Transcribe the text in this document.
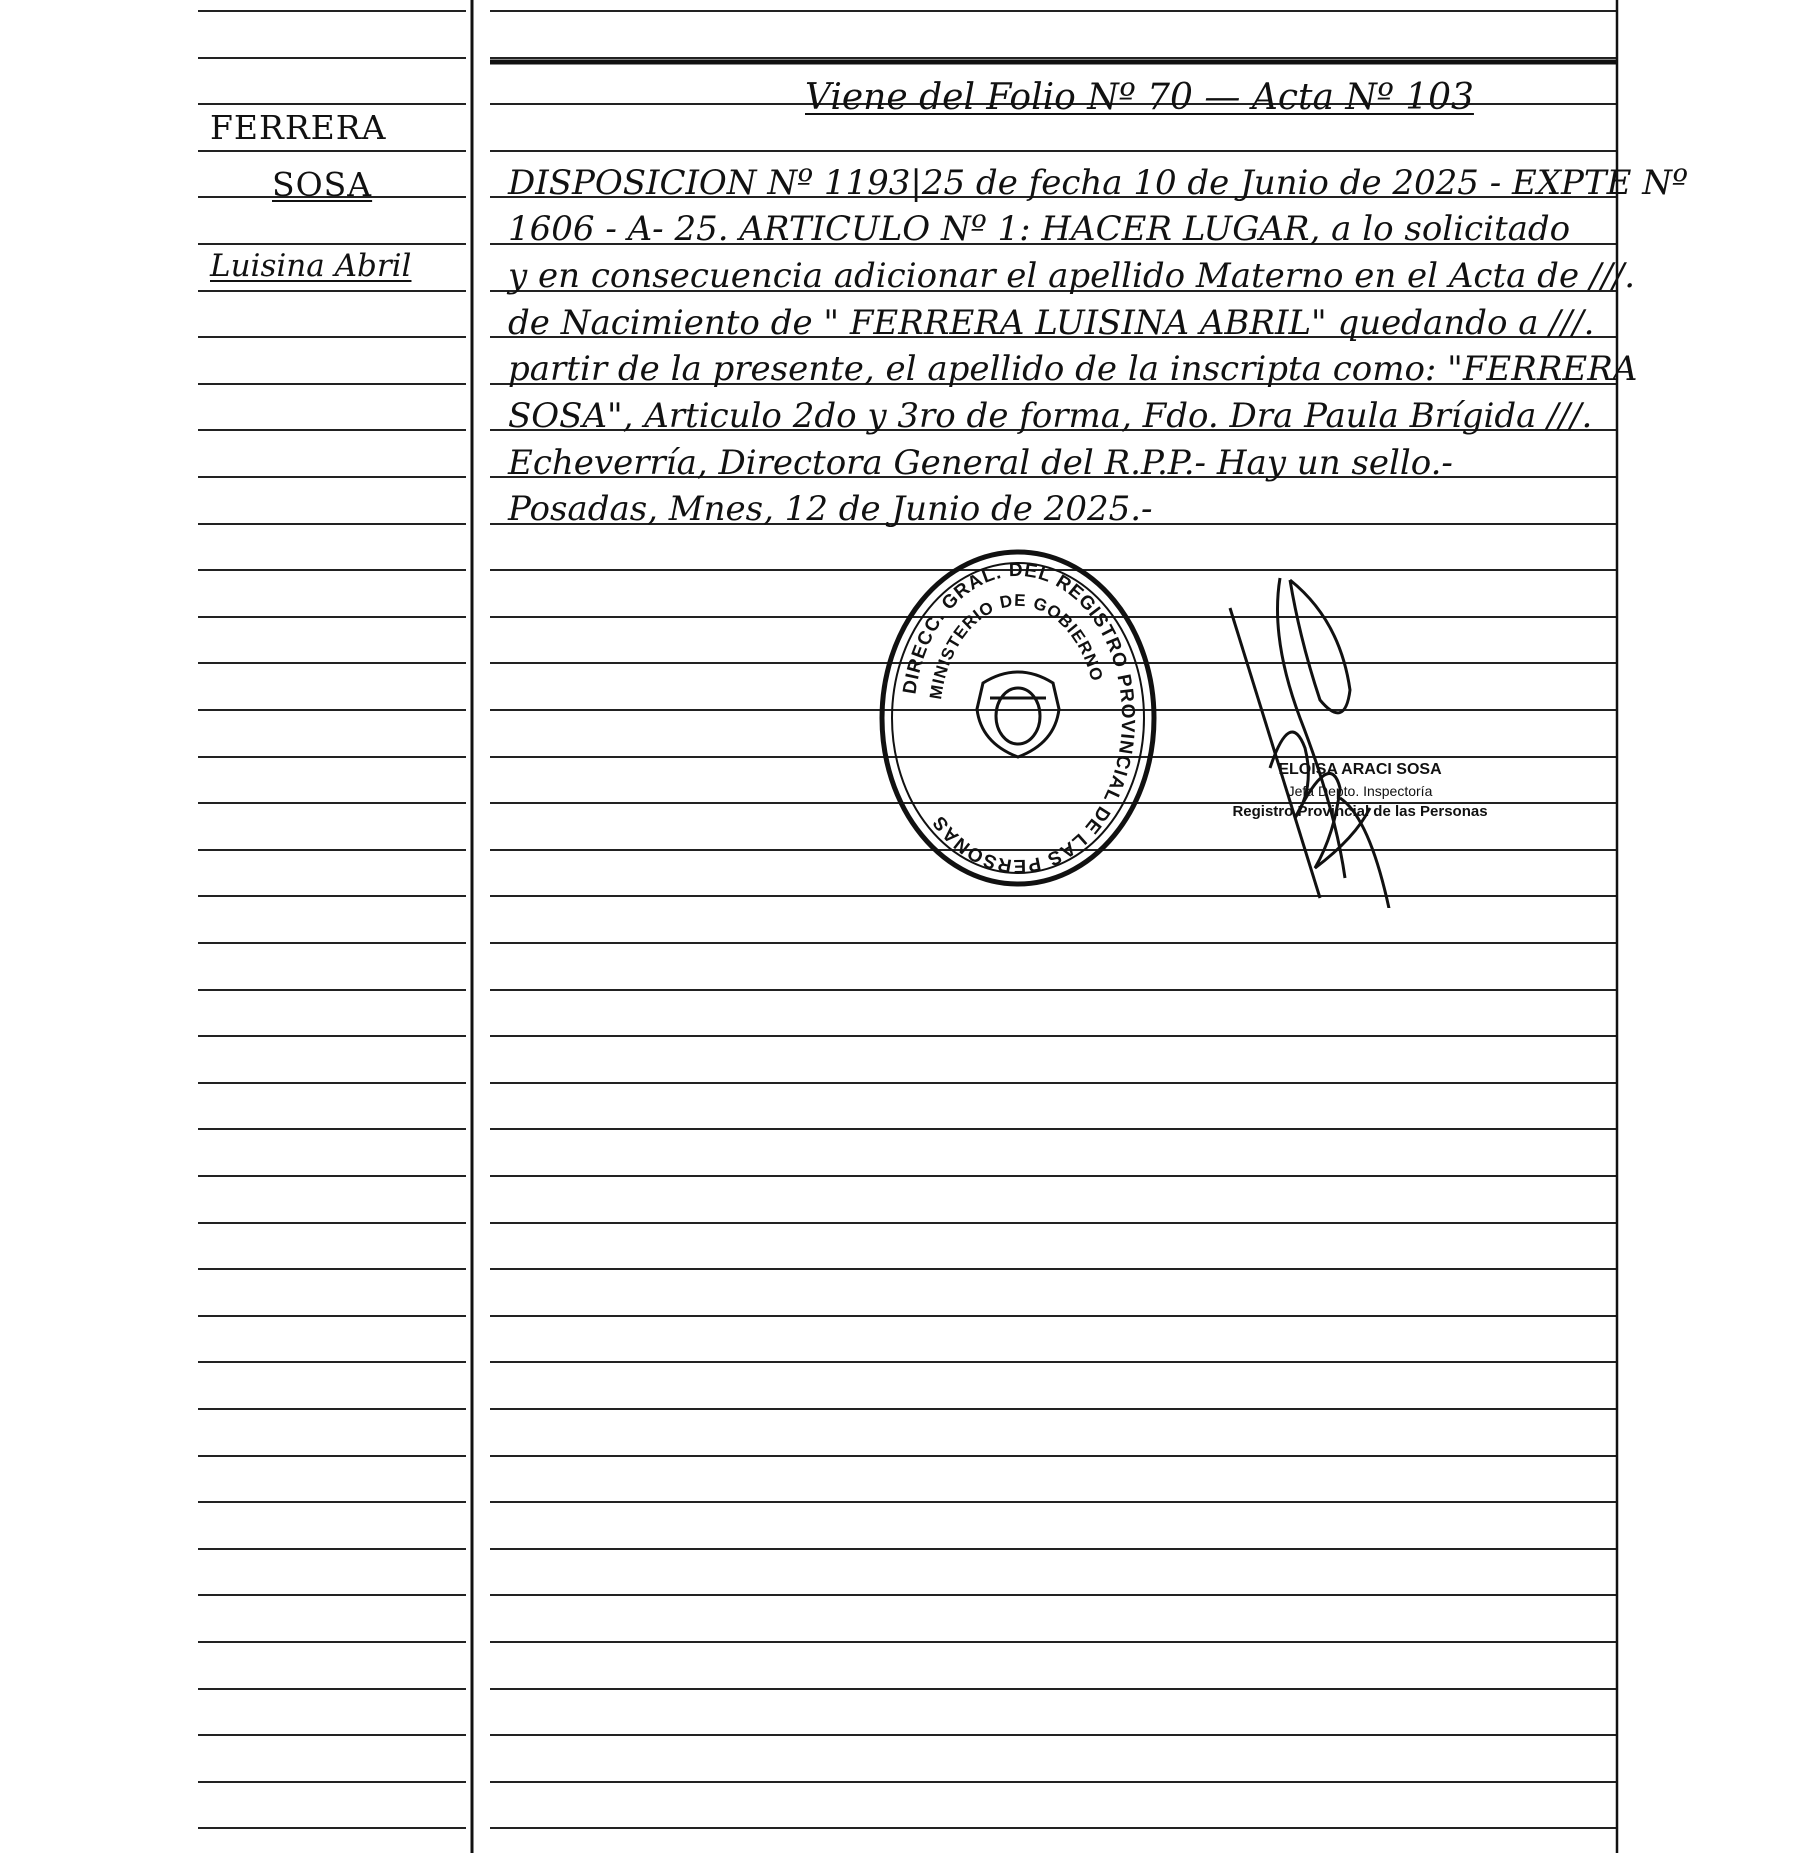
Viene del Folio Nº 70 — Acta Nº 103
FERRERA
SOSA
Luisina Abril
DISPOSICION Nº 1193|25 de fecha 10 de Junio de 2025 - EXPTE Nº
1606 - A- 25. ARTICULO Nº 1: HACER LUGAR, a lo solicitado
y en consecuencia adicionar el apellido Materno en el Acta de ///.
de Nacimiento de " FERRERA LUISINA ABRIL" quedando a ///.
partir de la presente, el apellido de la inscripta como: "FERRERA
SOSA", Articulo 2do y 3ro de forma, Fdo. Dra Paula Brígida ///.
Echeverría, Directora General del R.P.P.- Hay un sello.-
Posadas, Mnes, 12 de Junio de 2025.-
DIRECC. GRAL. DEL REGISTRO PROVINCIAL DE LAS PERSONAS
MINISTERIO DE GOBIERNO
ELOISA ARACI SOSA
Jefa Depto. Inspectoría
Registro Provincial de las Personas
